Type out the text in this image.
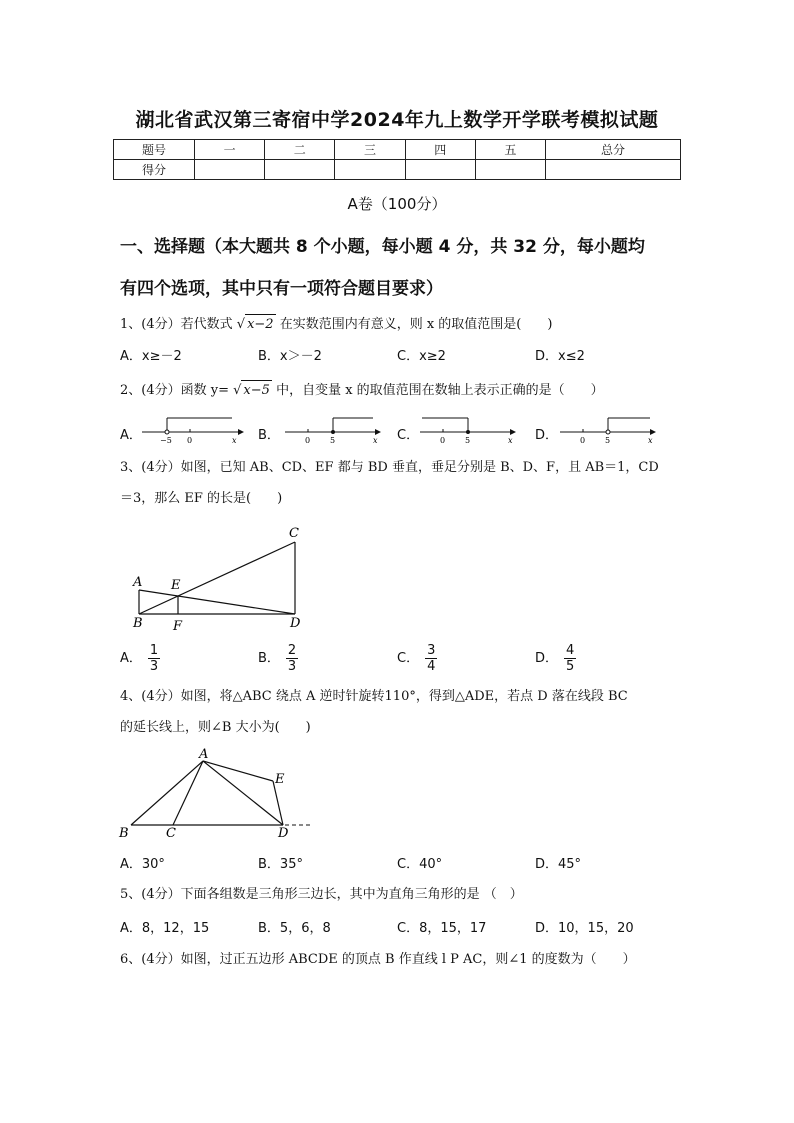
湖北省武汉第三寄宿中学2024年九上数学开学联考模拟试题
题号	一	二	三	四	五	总分
得分						
A卷（100分）
一、选择题（本大题共 8 个小题，每小题 4 分，共 32 分，每小题均
有四个选项，其中只有一项符合题目要求）
1、(4分）若代数式 √ x−2 在实数范围内有意义，则 x 的取值范围是(　　)
A．x≥－2	B．x＞－2	C．x≥2	D．x≤2
2、(4分）函数 y= √ x−5 中，自变量 x 的取值范围在数轴上表示正确的是（　　）
A． −5 0	x B．	0 5	x C．	0 5	x D．	0 5	x
3、(4分）如图，已知 AB、CD、EF 都与 BD 垂直，垂足分别是 B、D、F，且 AB＝1，CD
＝3，那么 EF 的长是(　　)
A E
B F
C
D
A． $\frac{1}{3}$	B． $\frac{2}{3}$	C． $\frac{3}{4}$	D． $\frac{4}{5}$
4、(4分）如图，将△ABC 绕点 A 逆时针旋转110°，得到△ADE，若点 D 落在线段 BC
的延长线上，则∠B 大小为(　　)
A
E
B	C	D
A．30°	B．35°	C．40°	D．45°
5、(4分）下面各组数是三角形三边长，其中为直角三角形的是 （　）
A．8，12，15	B．5，6，8	C．8，15，17	D．10，15，20
6、(4分）如图，过正五边形 ABCDE 的顶点 B 作直线 l P AC，则∠1 的度数为（　　）
